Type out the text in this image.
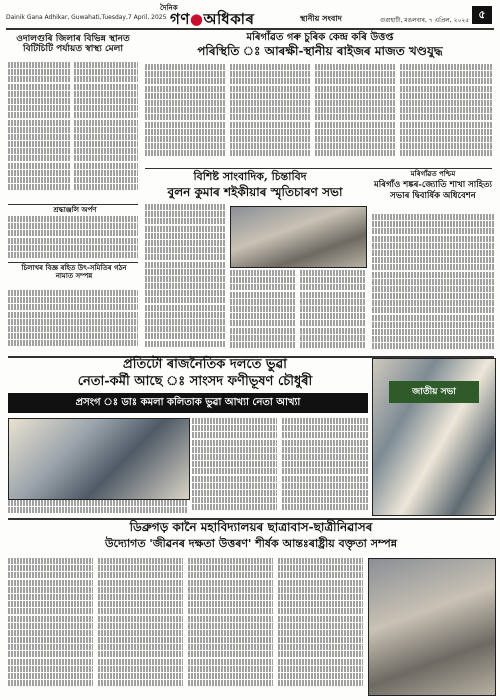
Dainik Gana Adhikar, Guwahati,Tuesday,7 April, 2025
দৈনিক
গণ●অধিকাৰ	স্থানীয় সংবাদ	গুৱাহাটী, মঙলবাৰ, ৭ এপ্ৰিল, ২০২৫ ৫
ওদালগুৰি জিলাৰ বিভিন্ন স্থানত বিটিচিটি পৰ্যায়ত স্বাস্থ্য মেলা
শ্ৰদ্ধাঞ্জলি অৰ্পণ
চিলাখৰ বিজ্ঞ ৰহিত উৎ-সমিতিৰ গঠন নামাত সম্পন্ন
মৰিগাঁৱত গৰু চুৰিক কেন্দ্ৰ কৰি উত্তপ্ত
পৰিস্থিতি ঃ আৰক্ষী-স্থানীয় ৰাইজৰ মাজত খণ্ডযুদ্ধ
বিশিষ্ট সাংবাদিক, চিন্তাবিদ
বুলন কুমাৰ শইকীয়াৰ স্মৃতিচাৰণ সভা
মৰিগাঁৱত পশ্চিম
মৰিগাঁও শঙ্কৰ-জ্যোতি শাখা সাহিত্য সভাৰ দ্বিবাৰ্ষিক অধিবেশন
প্ৰতিটো ৰাজনৈতিক দলতে ভুৱা
নেতা-কৰ্মী আছে ঃ সাংসদ ফণীভূষণ চৌধুৰী
প্ৰসংগ ঃ ডাঃ কমলা কলিতাক ভুৱা আখ্যা নেতা আখ্যা
জাতীয় সভা
ডিব্ৰুগড় কানৈ মহাবিদ্যালয়ৰ ছাত্ৰাবাস-ছাত্ৰীনিৱাসৰ
উদ্যোগত 'জীৱনৰ দক্ষতা উত্তৰণ' শীৰ্ষক আন্তঃৰাষ্ট্ৰীয় বক্তৃতা সম্পন্ন
